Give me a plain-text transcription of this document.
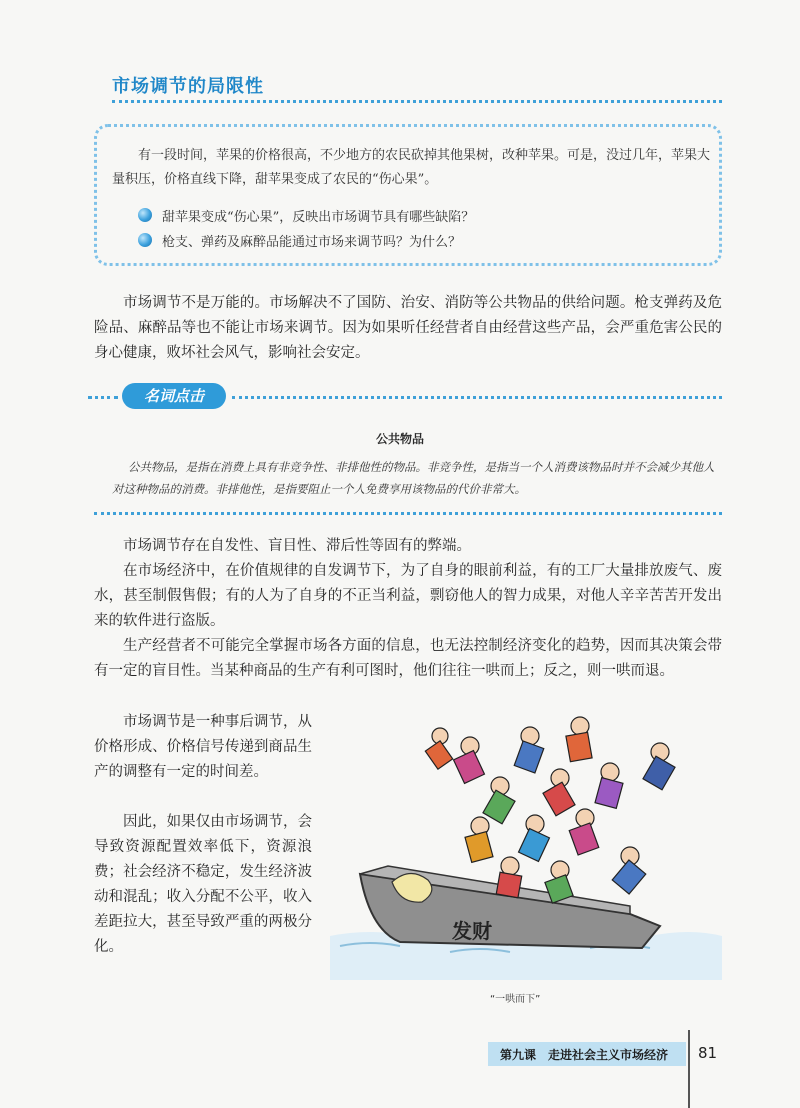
市场调节的局限性
有一段时间，苹果的价格很高，不少地方的农民砍掉其他果树，改种苹果。可是，没过几年，苹果大量积压，价格直线下降，甜苹果变成了农民的“伤心果”。
甜苹果变成“伤心果”，反映出市场调节具有哪些缺陷？
枪支、弹药及麻醉品能通过市场来调节吗？为什么？
市场调节不是万能的。市场解决不了国防、治安、消防等公共物品的供给问题。枪支弹药及危险品、麻醉品等也不能让市场来调节。因为如果听任经营者自由经营这些产品，会严重危害公民的身心健康，败坏社会风气，影响社会安定。
名词点击
公共物品
公共物品，是指在消费上具有非竞争性、非排他性的物品。非竞争性，是指当一个人消费该物品时并不会减少其他人对这种物品的消费。非排他性，是指要阻止一个人免费享用该物品的代价非常大。
市场调节存在自发性、盲目性、滞后性等固有的弊端。
在市场经济中，在价值规律的自发调节下，为了自身的眼前利益，有的工厂大量排放废气、废水，甚至制假售假；有的人为了自身的不正当利益，剽窃他人的智力成果，对他人辛辛苦苦开发出来的软件进行盗版。
生产经营者不可能完全掌握市场各方面的信息，也无法控制经济变化的趋势，因而其决策会带有一定的盲目性。当某种商品的生产有利可图时，他们往往一哄而上；反之，则一哄而退。
市场调节是一种事后调节，从价格形成、价格信号传递到商品生产的调整有一定的时间差。
因此，如果仅由市场调节，会导致资源配置效率低下，资源浪费；社会经济不稳定，发生经济波动和混乱；收入分配不公平，收入差距拉大，甚至导致严重的两极分化。
发财
“一哄而下”
第九课　走进社会主义市场经济 81
